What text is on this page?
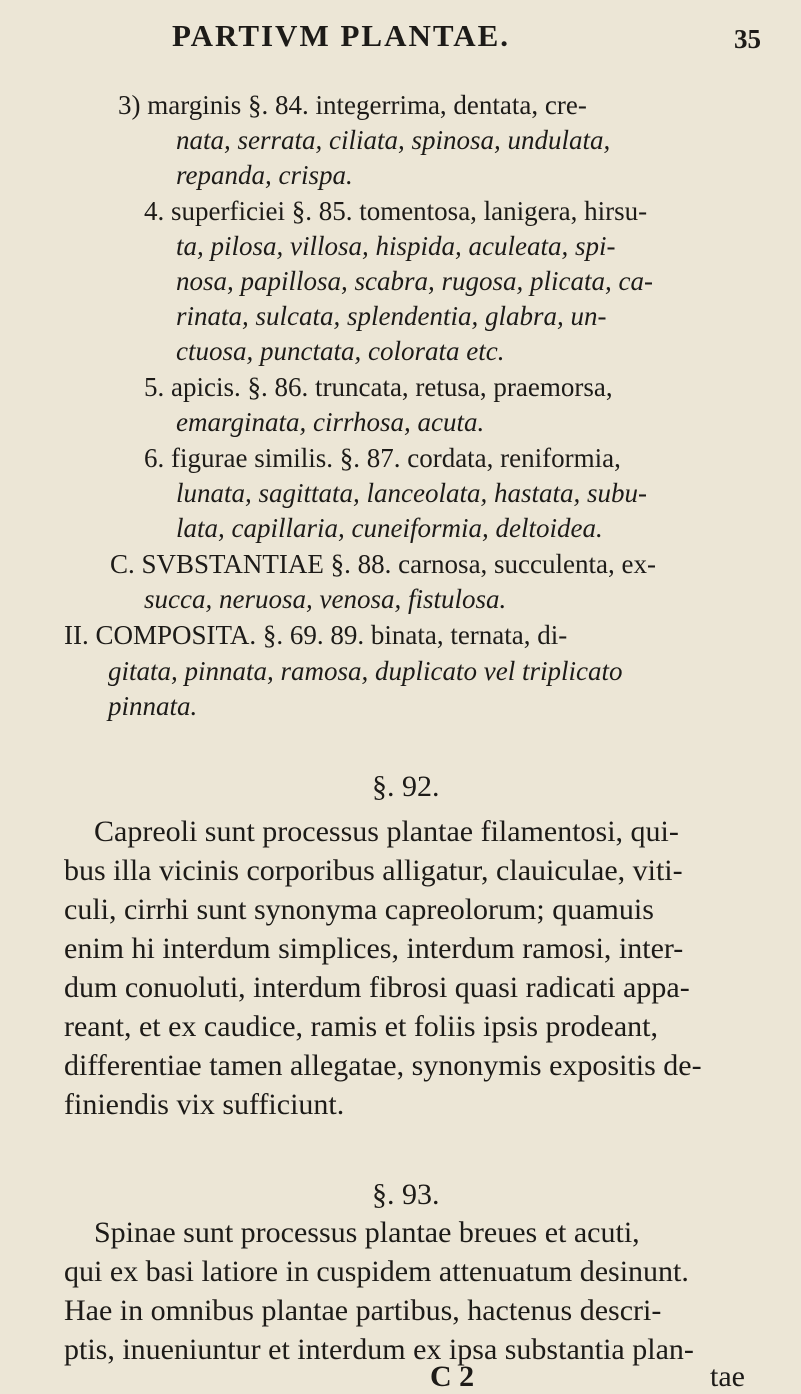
PARTIVM PLANTAE.	35
3) marginis §. 84. integerrima, dentata, cre-
nata, serrata, ciliata, spinosa, undulata,
repanda, crispa.
4. superficiei §. 85. tomentosa, lanigera, hirsu-
ta, pilosa, villosa, hispida, aculeata, spi-
nosa, papillosa, scabra, rugosa, plicata, ca-
rinata, sulcata, splendentia, glabra, un-
ctuosa, punctata, colorata etc.
5. apicis. §. 86. truncata, retusa, praemorsa,
emarginata, cirrhosa, acuta.
6. figurae similis. §. 87. cordata, reniformia,
lunata, sagittata, lanceolata, hastata, subu-
lata, capillaria, cuneiformia, deltoidea.
C. SVBSTANTIAE §. 88. carnosa, succulenta, ex-
succa, neruosa, venosa, fistulosa.
II. COMPOSITA. §. 69. 89. binata, ternata, di-
gitata, pinnata, ramosa, duplicato vel triplicato
pinnata.
§. 92.
Capreoli sunt processus plantae filamentosi, qui-
bus illa vicinis corporibus alligatur, clauiculae, viti-
culi, cirrhi sunt synonyma capreolorum; quamuis
enim hi interdum simplices, interdum ramosi, inter-
dum conuoluti, interdum fibrosi quasi radicati appa-
reant, et ex caudice, ramis et foliis ipsis prodeant,
differentiae tamen allegatae, synonymis expositis de-
finiendis vix sufficiunt.
§. 93.
Spinae sunt processus plantae breues et acuti,
qui ex basi latiore in cuspidem attenuatum desinunt.
Hae in omnibus plantae partibus, hactenus descri-
ptis, inueniuntur et interdum ex ipsa substantia plan-
C 2	tae
